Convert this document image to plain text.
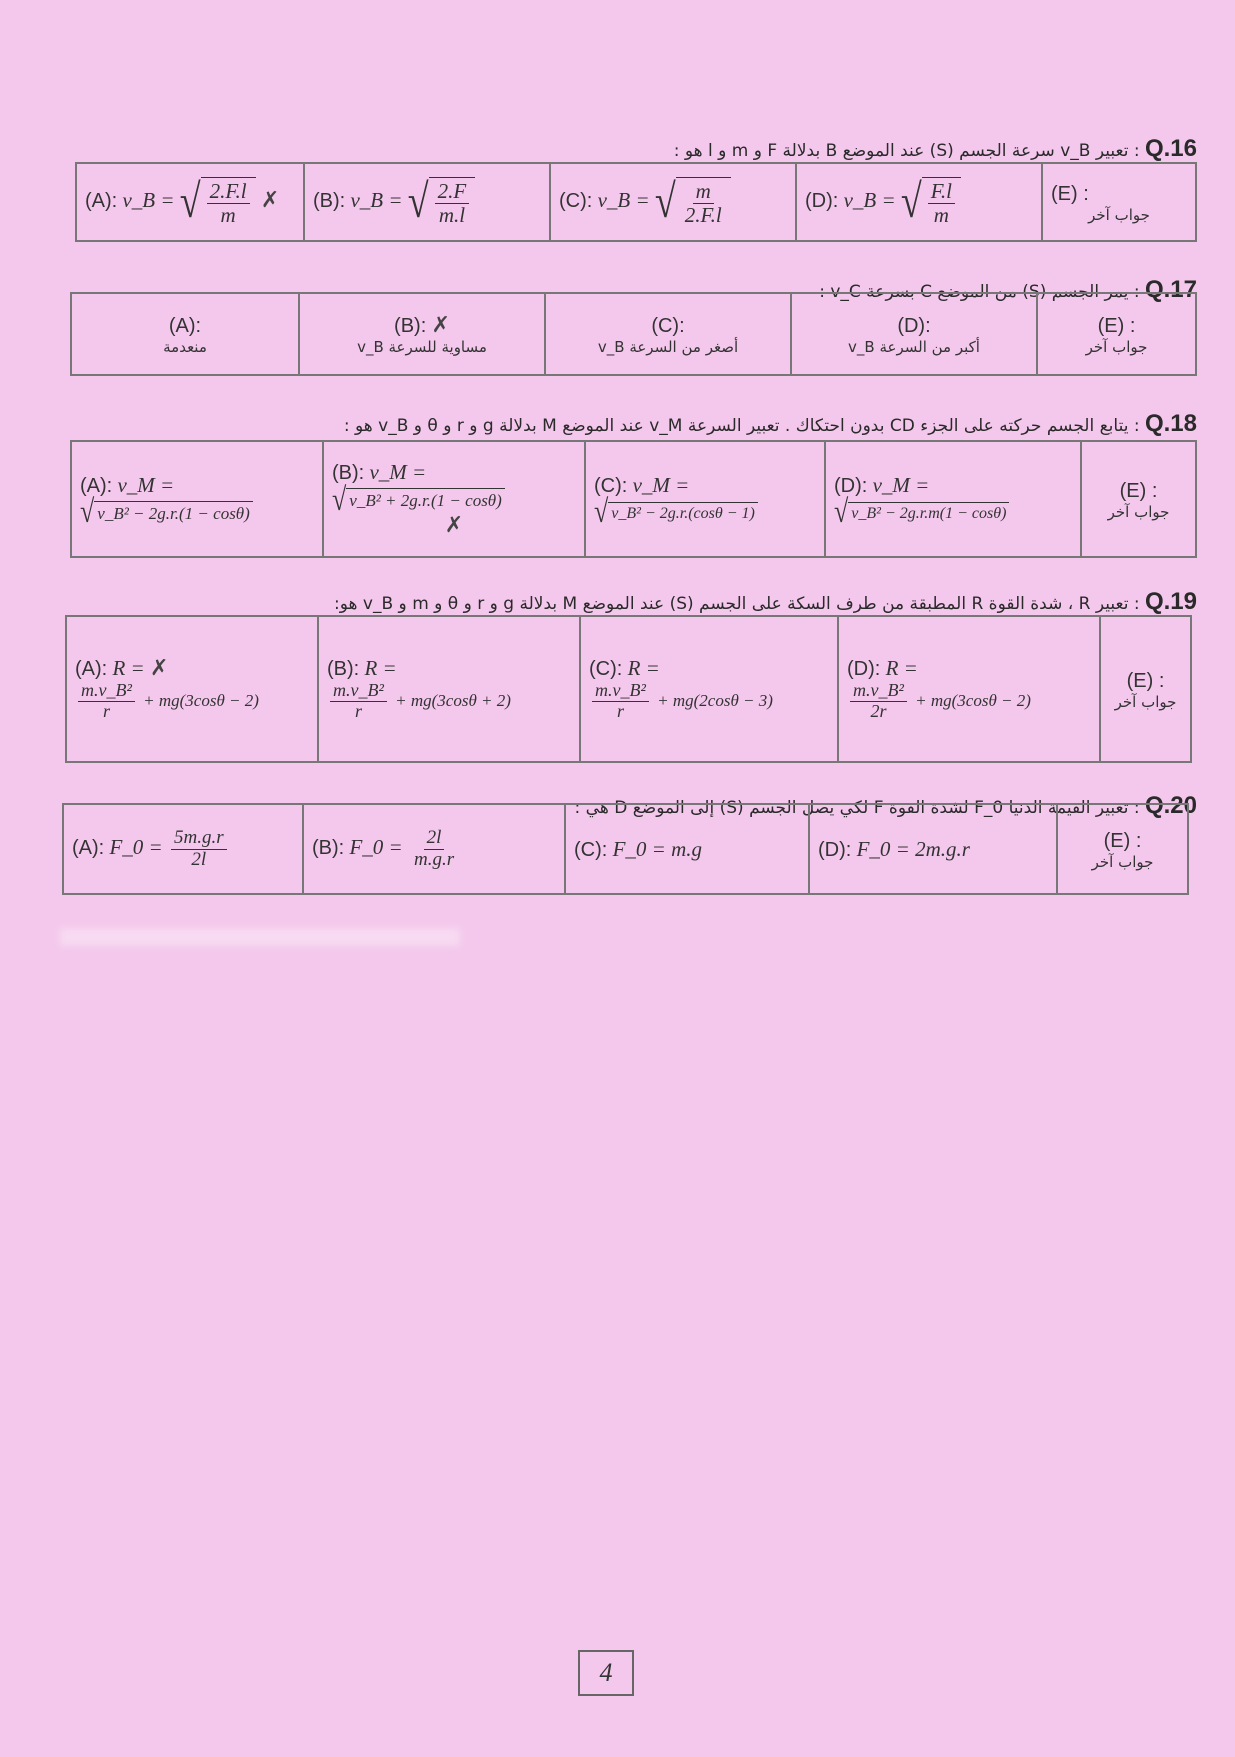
Q.16 : تعبير v_B سرعة الجسم (S) عند الموضع B بدلالة F و m و l هو :
(A): v_B = √ $\frac{2.F.l}{m}$ ✗	(B): v_B = √ $\frac{2.F}{m.l}$	(C): v_B = √ $\frac{m}{2.F.l}$	(D): v_B = √ $\frac{F.l}{m}$	(E) :
جواب آخر
Q.17 : يمر الجسم (S) من الموضع C بسرعة v_C :
(A):
منعدمة
	(B): ✗
مساوية للسرعة v_B
	(C):
أصغر من السرعة v_B
	(D):
أكبر من السرعة v_B
	(E) :
جواب آخر
Q.18 : يتابع الجسم حركته على الجزء CD بدون احتكاك . تعبير السرعة v_M عند الموضع M بدلالة g و r و θ و v_B هو :
(A): v_M =

√ v_B² − 2g.r.(1 − cosθ)
	(B): v_M =

√ v_B² + 2g.r.(1 − cosθ)
✗
	(C): v_M =

√ v_B² − 2g.r.(cosθ − 1)
	(D): v_M =

√ v_B² − 2g.r.m(1 − cosθ)
	(E) :
جواب آخر
Q.19 : تعبير R ، شدة القوة R المطبقة من طرف السكة على الجسم (S) عند الموضع M بدلالة g و r و θ و m و v_B هو:
(A): R = ✗

$\frac{\text{m.v\_B²}}{r} + mg(3\cos\theta - 2)$	(B): R =

$\frac{\text{m.v\_B²}}{r} + mg(3\cos\theta + 2)$	(C): R =

$\frac{\text{m.v\_B²}}{r} + mg(2\cos\theta - 3)$	(D): R =

$\frac{\text{m.v\_B²}}{2r} + mg(3\cos\theta - 2)$	(E) :
جواب آخر
Q.20 : تعبير القيمة الدنيا F_0 لشدة القوة F لكي يصل الجسم (S) إلى الموضع D هي :
(A): F_0 = $\frac{5m.g.r}{2l}$	(B): F_0 = $\frac{2l}{m.g.r}$	(C): F_0 = m.g	(D): F_0 = 2m.g.r	(E) :
جواب آخر
4
